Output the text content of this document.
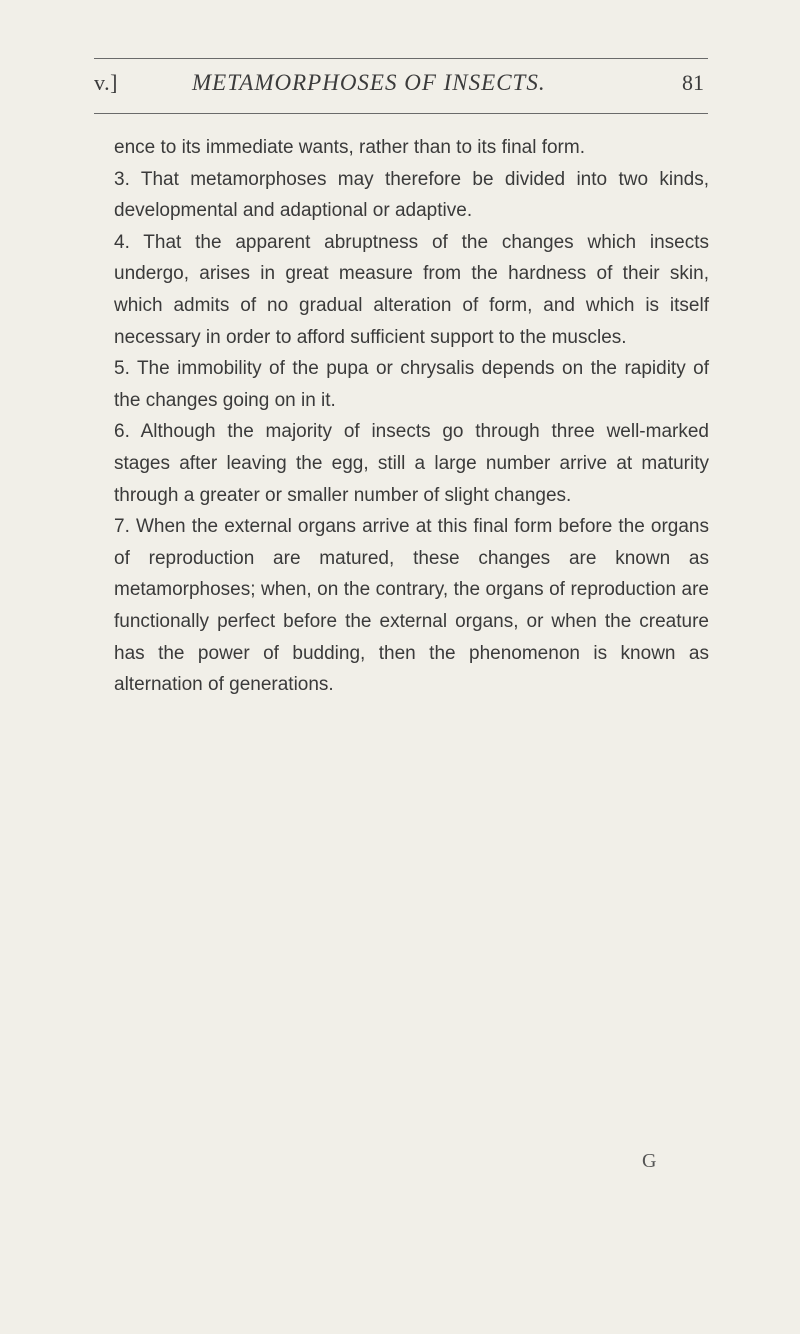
v.]	METAMORPHOSES OF INSECTS.	81

ence to its immediate wants, rather than to its final form.

3. That metamorphoses may therefore be divided into two kinds, developmental and adaptional or adaptive.

4. That the apparent abruptness of the changes which insects undergo, arises in great measure from the hardness of their skin, which admits of no gradual alteration of form, and which is itself necessary in order to afford sufficient support to the muscles.

5. The immobility of the pupa or chrysalis depends on the rapidity of the changes going on in it.

6. Although the majority of insects go through three well-marked stages after leaving the egg, still a large number arrive at maturity through a greater or smaller number of slight changes.

7. When the external organs arrive at this final form before the organs of reproduction are matured, these changes are known as metamorphoses; when, on the contrary, the organs of reproduction are functionally perfect before the external organs, or when the creature has the power of budding, then the phenomenon is known as alternation of generations.

G
